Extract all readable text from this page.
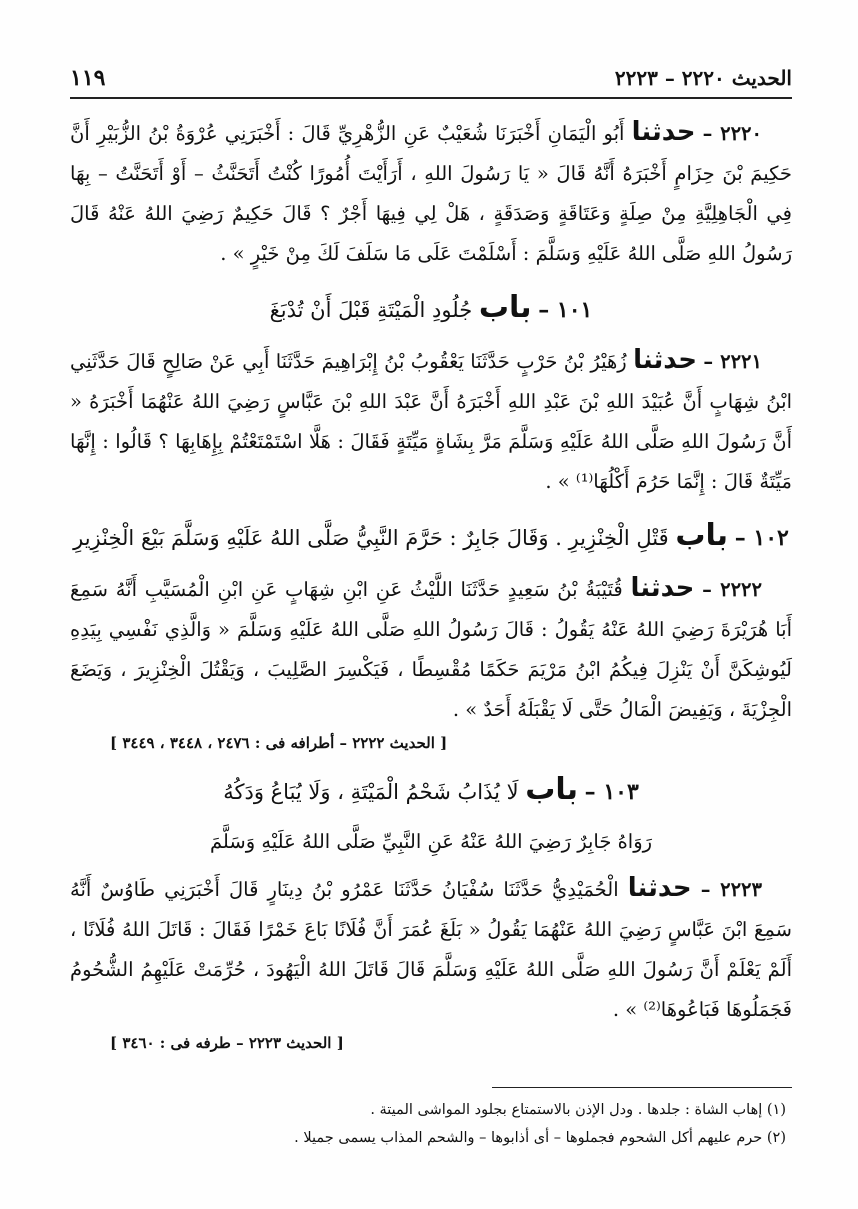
الحديث ٢٢٢٠ – ٢٢٢٣
١١٩

٢٢٢٠ – حدثنا أَبُو الْيَمَانِ أَخْبَرَنَا شُعَيْبٌ عَنِ الزُّهْرِيِّ قَالَ : أَخْبَرَنِي عُرْوَةُ بْنُ الزُّبَيْرِ أَنَّ حَكِيمَ بْنَ حِزَامٍ أَخْبَرَهُ أَنَّهُ قَالَ « يَا رَسُولَ اللهِ ، أَرَأَيْتَ أُمُورًا كُنْتُ أَتَحَنَّثُ – أَوْ أَتَحَنَّتُ – بِهَا فِي الْجَاهِلِيَّةِ مِنْ صِلَةٍ وَعَتَاقَةٍ وَصَدَقَةٍ ، هَلْ لِي فِيهَا أَجْرٌ ؟ قَالَ حَكِيمٌ رَضِيَ اللهُ عَنْهُ قَالَ رَسُولُ اللهِ صَلَّى اللهُ عَلَيْهِ وَسَلَّمَ : أَسْلَمْتَ عَلَى مَا سَلَفَ لَكَ مِنْ خَيْرٍ » .

١٠١ – باب جُلُودِ الْمَيْتَةِ قَبْلَ أَنْ تُدْبَغَ

٢٢٢١ – حدثنا زُهَيْرُ بْنُ حَرْبٍ حَدَّثَنَا يَعْقُوبُ بْنُ إِبْرَاهِيمَ حَدَّثَنَا أَبِي عَنْ صَالِحٍ قَالَ حَدَّثَنِي ابْنُ شِهَابٍ أَنَّ عُبَيْدَ اللهِ بْنَ عَبْدِ اللهِ أَخْبَرَهُ أَنَّ عَبْدَ اللهِ بْنَ عَبَّاسٍ رَضِيَ اللهُ عَنْهُمَا أَخْبَرَهُ « أَنَّ رَسُولَ اللهِ صَلَّى اللهُ عَلَيْهِ وَسَلَّمَ مَرَّ بِشَاةٍ مَيِّتَةٍ فَقَالَ : هَلَّا اسْتَمْتَعْتُمْ بِإِهَابِهَا ؟ قَالُوا : إِنَّهَا مَيِّتَةٌ قَالَ : إِنَّمَا حَرُمَ أَكْلُهَا⁽¹⁾ » .

١٠٢ – باب قَتْلِ الْخِنْزِيرِ . وَقَالَ جَابِرٌ : حَرَّمَ النَّبِيُّ صَلَّى اللهُ عَلَيْهِ وَسَلَّمَ بَيْعَ الْخِنْزِيرِ

٢٢٢٢ – حدثنا قُتَيْبَةُ بْنُ سَعِيدٍ حَدَّثَنَا اللَّيْثُ عَنِ ابْنِ شِهَابٍ عَنِ ابْنِ الْمُسَيَّبِ أَنَّهُ سَمِعَ أَبَا هُرَيْرَةَ رَضِيَ اللهُ عَنْهُ يَقُولُ : قَالَ رَسُولُ اللهِ صَلَّى اللهُ عَلَيْهِ وَسَلَّمَ « وَالَّذِي نَفْسِي بِيَدِهِ لَيُوشِكَنَّ أَنْ يَنْزِلَ فِيكُمُ ابْنُ مَرْيَمَ حَكَمًا مُقْسِطًا ، فَيَكْسِرَ الصَّلِيبَ ، وَيَقْتُلَ الْخِنْزِيرَ ، وَيَضَعَ الْجِزْيَةَ ، وَيَفِيضَ الْمَالُ حَتَّى لَا يَقْبَلَهُ أَحَدٌ » .

[ الحديث ٢٢٢٢ – أطرافه فى : ٢٤٧٦ ، ٣٤٤٨ ، ٣٤٤٩ ]
١٠٣ – باب لَا يُذَابُ شَحْمُ الْمَيْتَةِ ، وَلَا يُبَاعُ وَدَكُهُ
رَوَاهُ جَابِرٌ رَضِيَ اللهُ عَنْهُ عَنِ النَّبِيِّ صَلَّى اللهُ عَلَيْهِ وَسَلَّمَ

٢٢٢٣ – حدثنا الْحُمَيْدِيُّ حَدَّثَنَا سُفْيَانُ حَدَّثَنَا عَمْرُو بْنُ دِينَارٍ قَالَ أَخْبَرَنِي طَاوُسٌ أَنَّهُ سَمِعَ ابْنَ عَبَّاسٍ رَضِيَ اللهُ عَنْهُمَا يَقُولُ « بَلَغَ عُمَرَ أَنَّ فُلَانًا بَاعَ خَمْرًا فَقَالَ : قَاتَلَ اللهُ فُلَانًا ، أَلَمْ يَعْلَمْ أَنَّ رَسُولَ اللهِ صَلَّى اللهُ عَلَيْهِ وَسَلَّمَ قَالَ قَاتَلَ اللهُ الْيَهُودَ ، حُرِّمَتْ عَلَيْهِمُ الشُّحُومُ فَجَمَلُوهَا فَبَاعُوهَا⁽²⁾ » .

[ الحديث ٢٢٢٣ – طرفه فى : ٣٤٦٠ ]

(١) إهاب الشاة : جلدها . ودل الإذن بالاستمتاع بجلود المواشى الميتة .

(٢) حرم عليهم أكل الشحوم فجملوها – أى أذابوها – والشحم المذاب يسمى جميلا .
